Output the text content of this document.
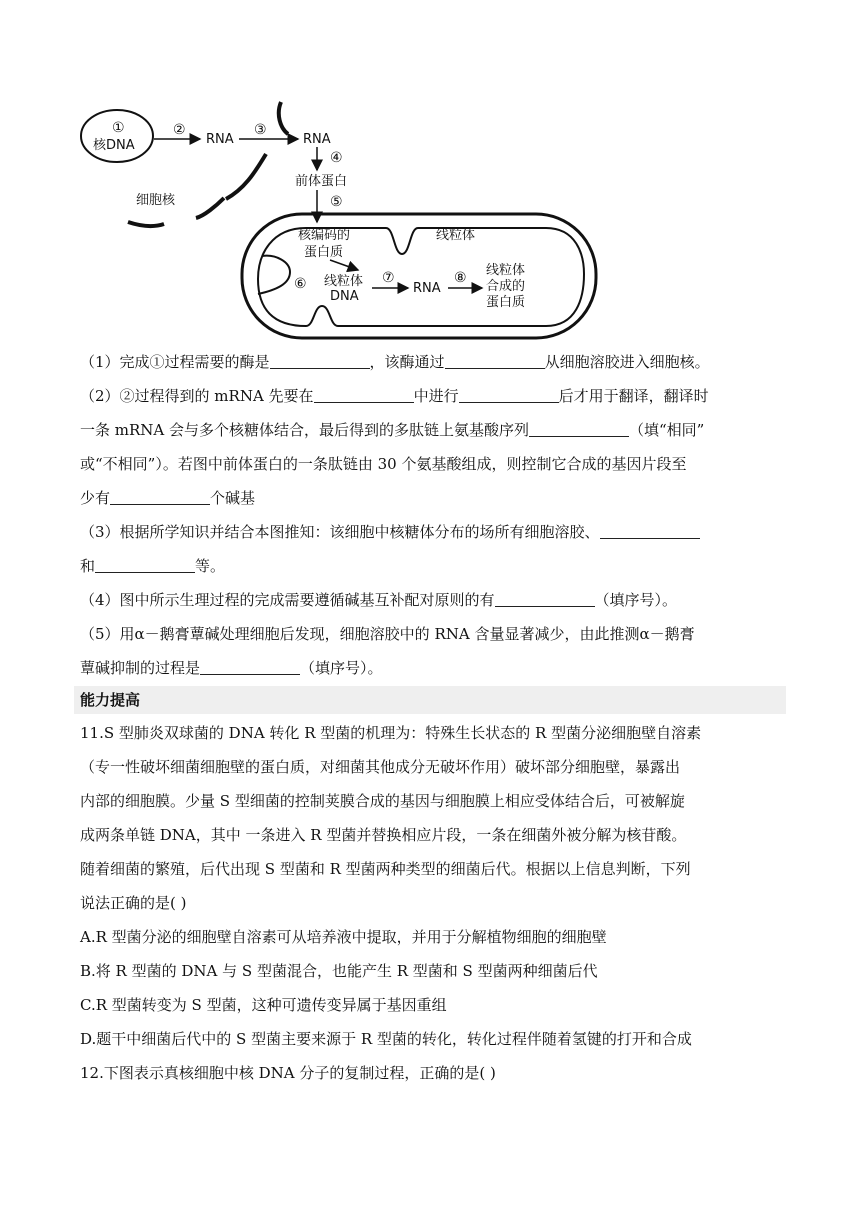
①
核DNA
②
RNA
③
RNA
④
前体蛋白
细胞核	⑤
核编码的
蛋白质
线粒体
⑥ 线粒体
DNA
⑦
RNA
⑧ 线粒体
合成的
蛋白质
（1）完成①过程需要的酶是	，该酶通过	从细胞溶胶进入细胞核。
（2）②过程得到的 mRNA 先要在	中进行	后才用于翻译，翻译时
一条 mRNA 会与多个核糖体结合，最后得到的多肽链上氨基酸序列	（填“相同”
或“不相同”）。若图中前体蛋白的一条肽链由 30 个氨基酸组成，则控制它合成的基因片段至
少有	个碱基
（3）根据所学知识并结合本图推知：该细胞中核糖体分布的场所有细胞溶胶、
和	等。
（4）图中所示生理过程的完成需要遵循碱基互补配对原则的有	（填序号）。
（5）用α－鹅膏蕈碱处理细胞后发现，细胞溶胶中的 RNA 含量显著减少，由此推测α－鹅膏
蕈碱抑制的过程是	（填序号）。
能力提高
11.S 型肺炎双球菌的 DNA 转化 R 型菌的机理为：特殊生长状态的 R 型菌分泌细胞壁自溶素
（专一性破坏细菌细胞壁的蛋白质，对细菌其他成分无破坏作用）破坏部分细胞壁，暴露出
内部的细胞膜。少量 S 型细菌的控制荚膜合成的基因与细胞膜上相应受体结合后，可被解旋
成两条单链 DNA，其中 一条进入 R 型菌并替换相应片段，一条在细菌外被分解为核苷酸。
随着细菌的繁殖，后代出现 S 型菌和 R 型菌两种类型的细菌后代。根据以上信息判断，下列
说法正确的是( )
A.R 型菌分泌的细胞壁自溶素可从培养液中提取，并用于分解植物细胞的细胞壁
B.将 R 型菌的 DNA 与 S 型菌混合，也能产生 R 型菌和 S 型菌两种细菌后代
C.R 型菌转变为 S 型菌，这种可遗传变异属于基因重组
D.题干中细菌后代中的 S 型菌主要来源于 R 型菌的转化，转化过程伴随着氢键的打开和合成
12.下图表示真核细胞中核 DNA 分子的复制过程，正确的是( )
